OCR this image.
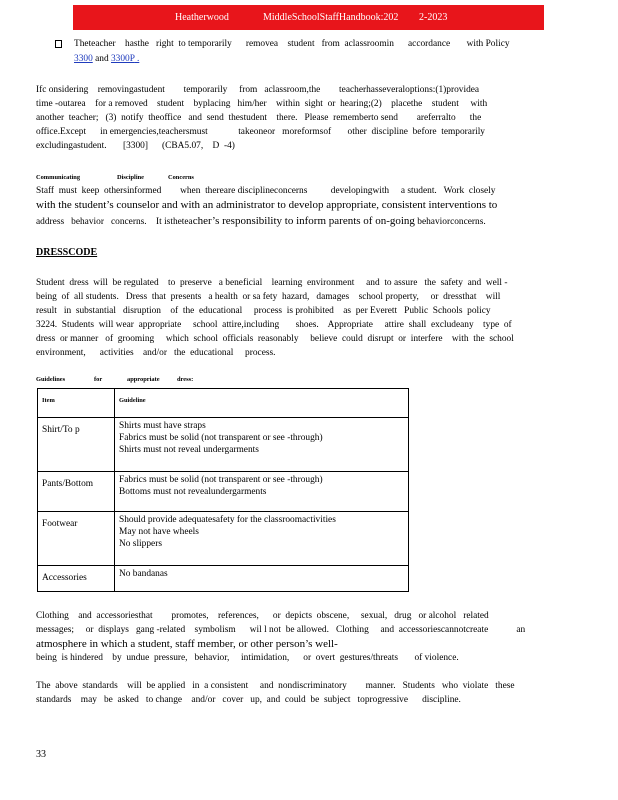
Heatherwood	MiddleSchoolStaffHandbook:202 2-2023
Theteacher    hasthe   right  to temporarily      removea    student   from  aclassroomin      accordance       with Policy
3300 and 3300P .
Ifc onsidering    removingastudent        temporarily     from   aclassroom,the        teacherhasseveraloptions:(1)providea
time -outarea    for a removed    student    byplacing   him/her    within  sight  or  hearing;(2)    placethe    student     with
another  teacher;   (3)  notify  theoffice   and  send  thestudent    there.   Please  rememberto send        areferralto      the
office.Except      in emergencies,teachersmust             takeoneor   moreformsof       other  discipline  before  temporarily
excludingastudent.       [3300]      (CBA5.07,    D  -4)
Communicating	Discipline	Concerns
Staff  must  keep  othersinformed        when  thereare disciplineconcerns          developingwith     a student.   Work  closely
with the student’s counselor and with an administrator to develop appropriate, consistent interventions to
address   behavior   concerns.    It istheteacher’s responsibility to inform parents of on-going behaviorconcerns.
DRESSCODE
Student  dress  will  be regulated    to  preserve   a beneficial    learning  environment     and  to assure   the  safety  and  well -
being  of  all students.   Dress  that  presents   a health  or sa fety  hazard,   damages    school property,     or  dressthat    will
result   in  substantial   disruption    of  the  educational     process  is prohibited    as  per Everett   Public  Schools  policy
3224.  Students  will wear  appropriate     school  attire,including       shoes.    Appropriate     attire  shall  excludeany    type  of
dress  or manner   of  grooming     which  school  officials  reasonably     believe  could  disrupt  or  interfere    with  the  school
environment,      activities    and/or   the  educational     process.
Guidelines	for	appropriate	dress:
Item	Guideline
Shirt/To p	Shirts must have straps
Fabrics must be solid (not transparent or see -through)
Shirts must not reveal undergarments

Pants/Bottom	Fabrics must be solid (not transparent or see -through)
Bottoms must not revealundergarments

Footwear	Should provide adequatesafety for the classroomactivities
May not have wheels
No slippers

Accessories	No bandanas
Clothing    and  accessoriesthat        promotes,    references,      or  depicts  obscene,     sexual,   drug   or alcohol   related
messages;     or  displays   gang -related    symbolism      wil l not  be allowed.   Clothing     and  accessoriescannotcreate            an
atmosphere in which a student, staff member, or other person’s well-
being  is hindered    by  undue  pressure,   behavior,     intimidation,      or  overt  gestures/threats       of violence.
The  above  standards    will  be applied   in  a consistent     and  nondiscriminatory        manner.   Students   who  violate   these
standards    may   be  asked   to change    and/or   cover   up,  and  could  be  subject   toprogressive      discipline.
33
